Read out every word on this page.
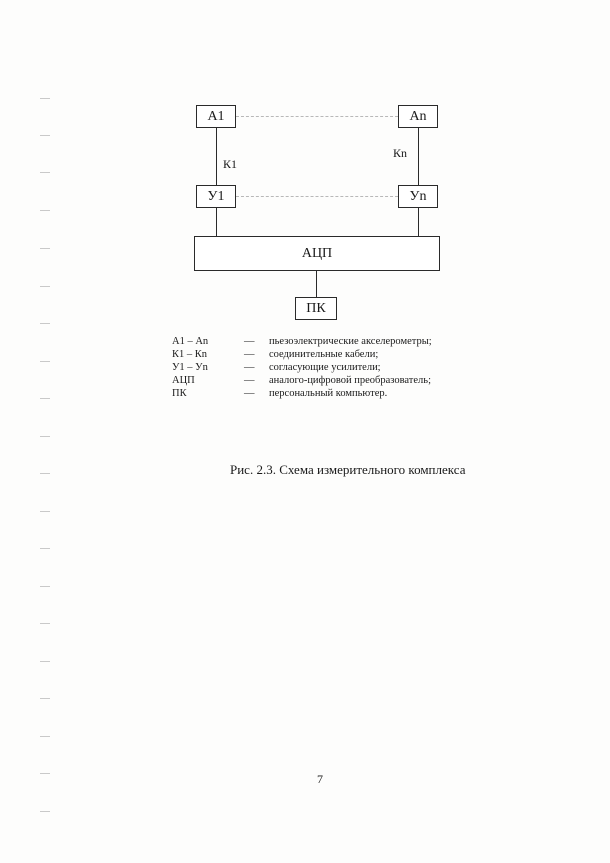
А1	Аn
У1	Уn
АЦП
ПК
К1
Кn
А1 – Аn	— пьезоэлектрические акселерометры;
К1 – Кn	— соединительные кабели;
У1 – Уn	— согласующие усилители;
АЦП	— аналого-цифровой преобразователь;
ПК	— персональный компьютер.
Рис. 2.3. Схема измерительного комплекса
7
